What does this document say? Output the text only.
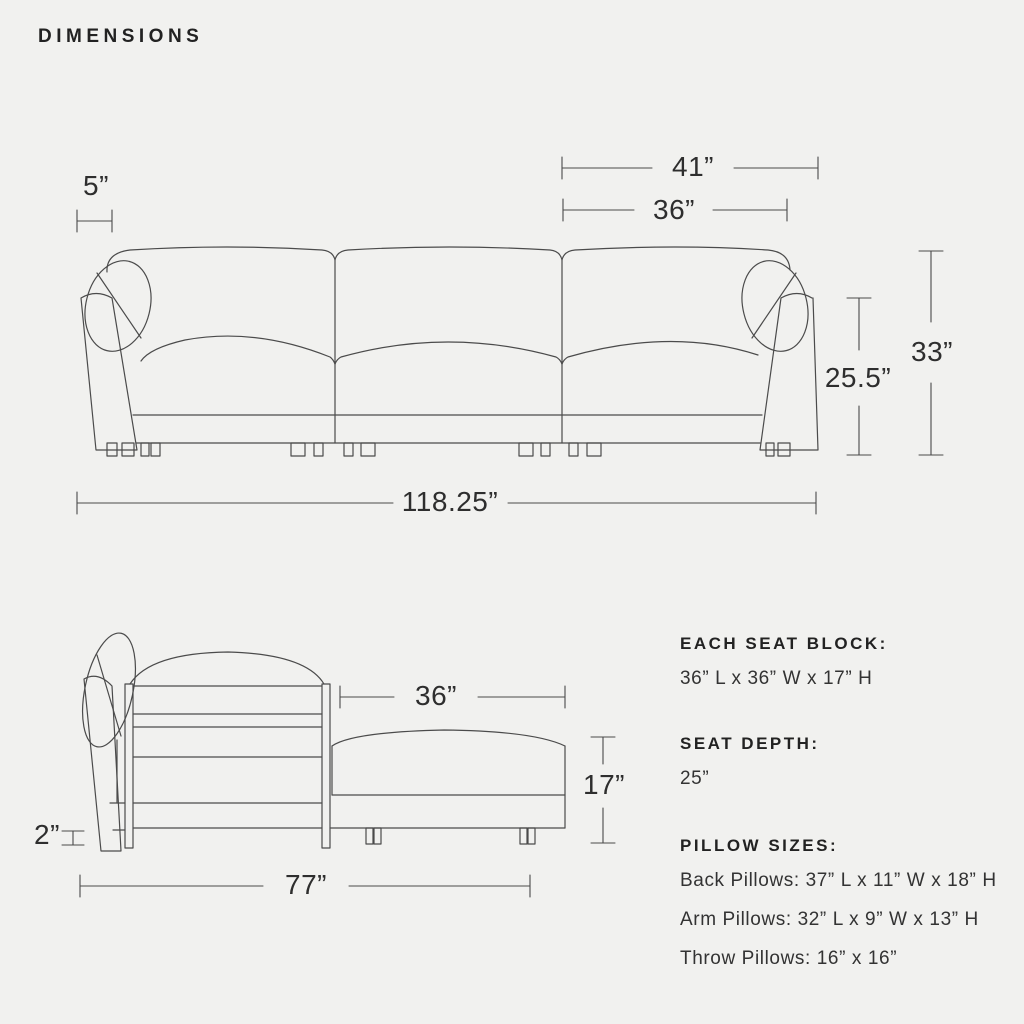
DIMENSIONS
5”
41”
36”
25.5”
33”
118.25”
36”
17”
2”
77”

EACH SEAT BLOCK:

36” L x 36” W x 17” H

SEAT DEPTH:

25”

PILLOW SIZES:

Back Pillows: 37” L x 11” W x 18” H

Arm Pillows: 32” L x 9” W x 13” H

Throw Pillows: 16” x 16”
